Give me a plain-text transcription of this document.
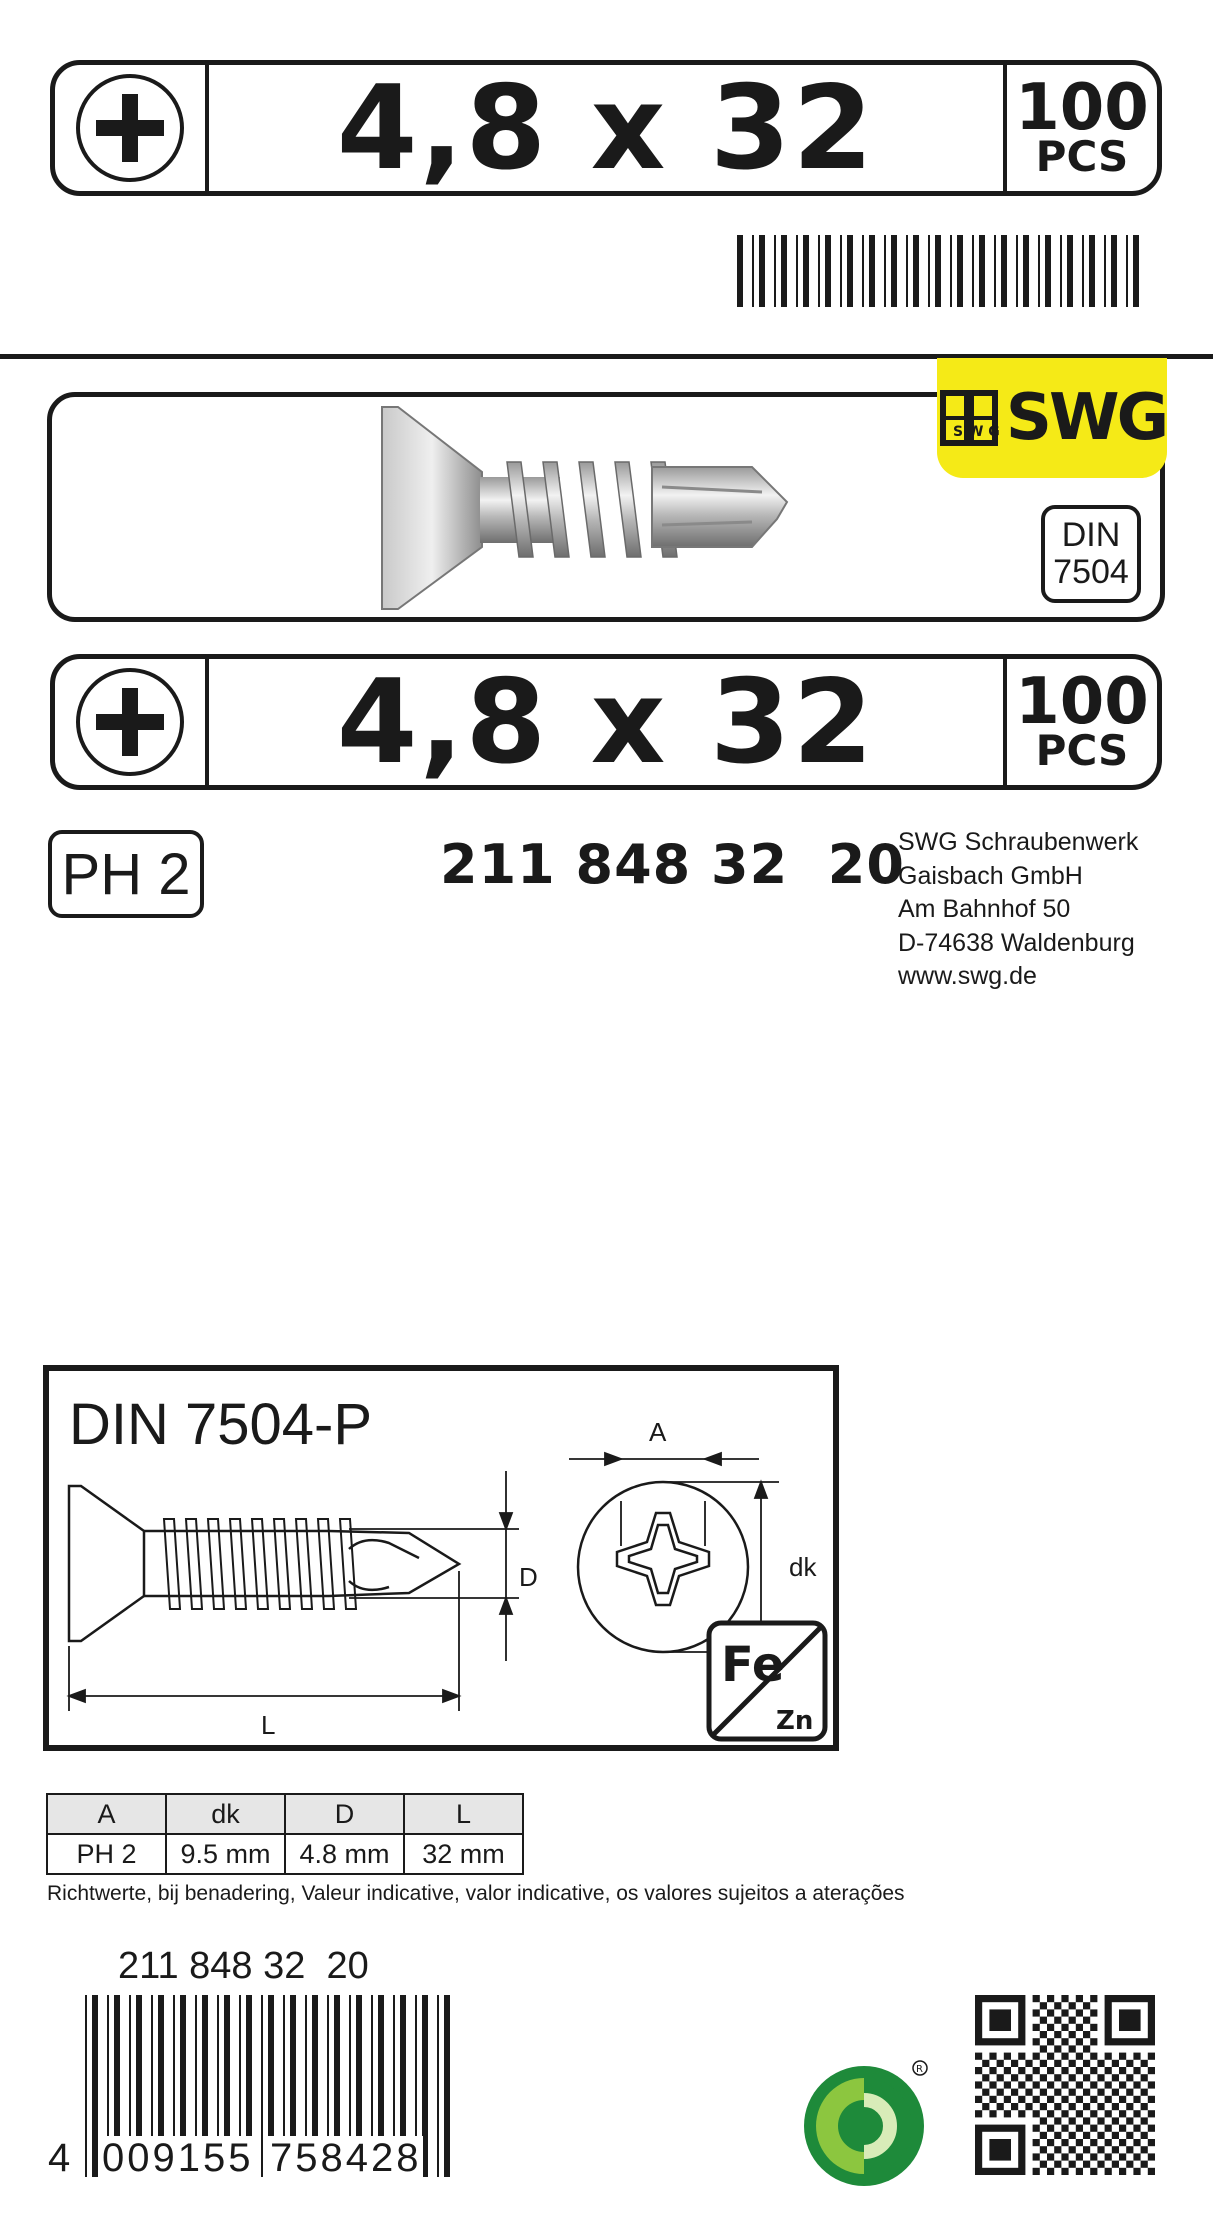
4,8 x 32	100
PCS
S W G SWG
DIN
7504
4,8 x 32	100
PCS
PH 2	211 848 32  20
SWG Schraubenwerk
Gaisbach GmbH
Am Bahnhof 50
D-74638 Waldenburg
www.swg.de
DIN 7504-P
D
L
A
dk
Fe
Zn
A	dk	D	L
PH 2	9.5 mm	4.8 mm	32 mm
Richtwerte, bij benadering, Valeur indicative, valor indicative, os valores sujeitos a aterações
211 848 32  20
4 009155 758428
R
